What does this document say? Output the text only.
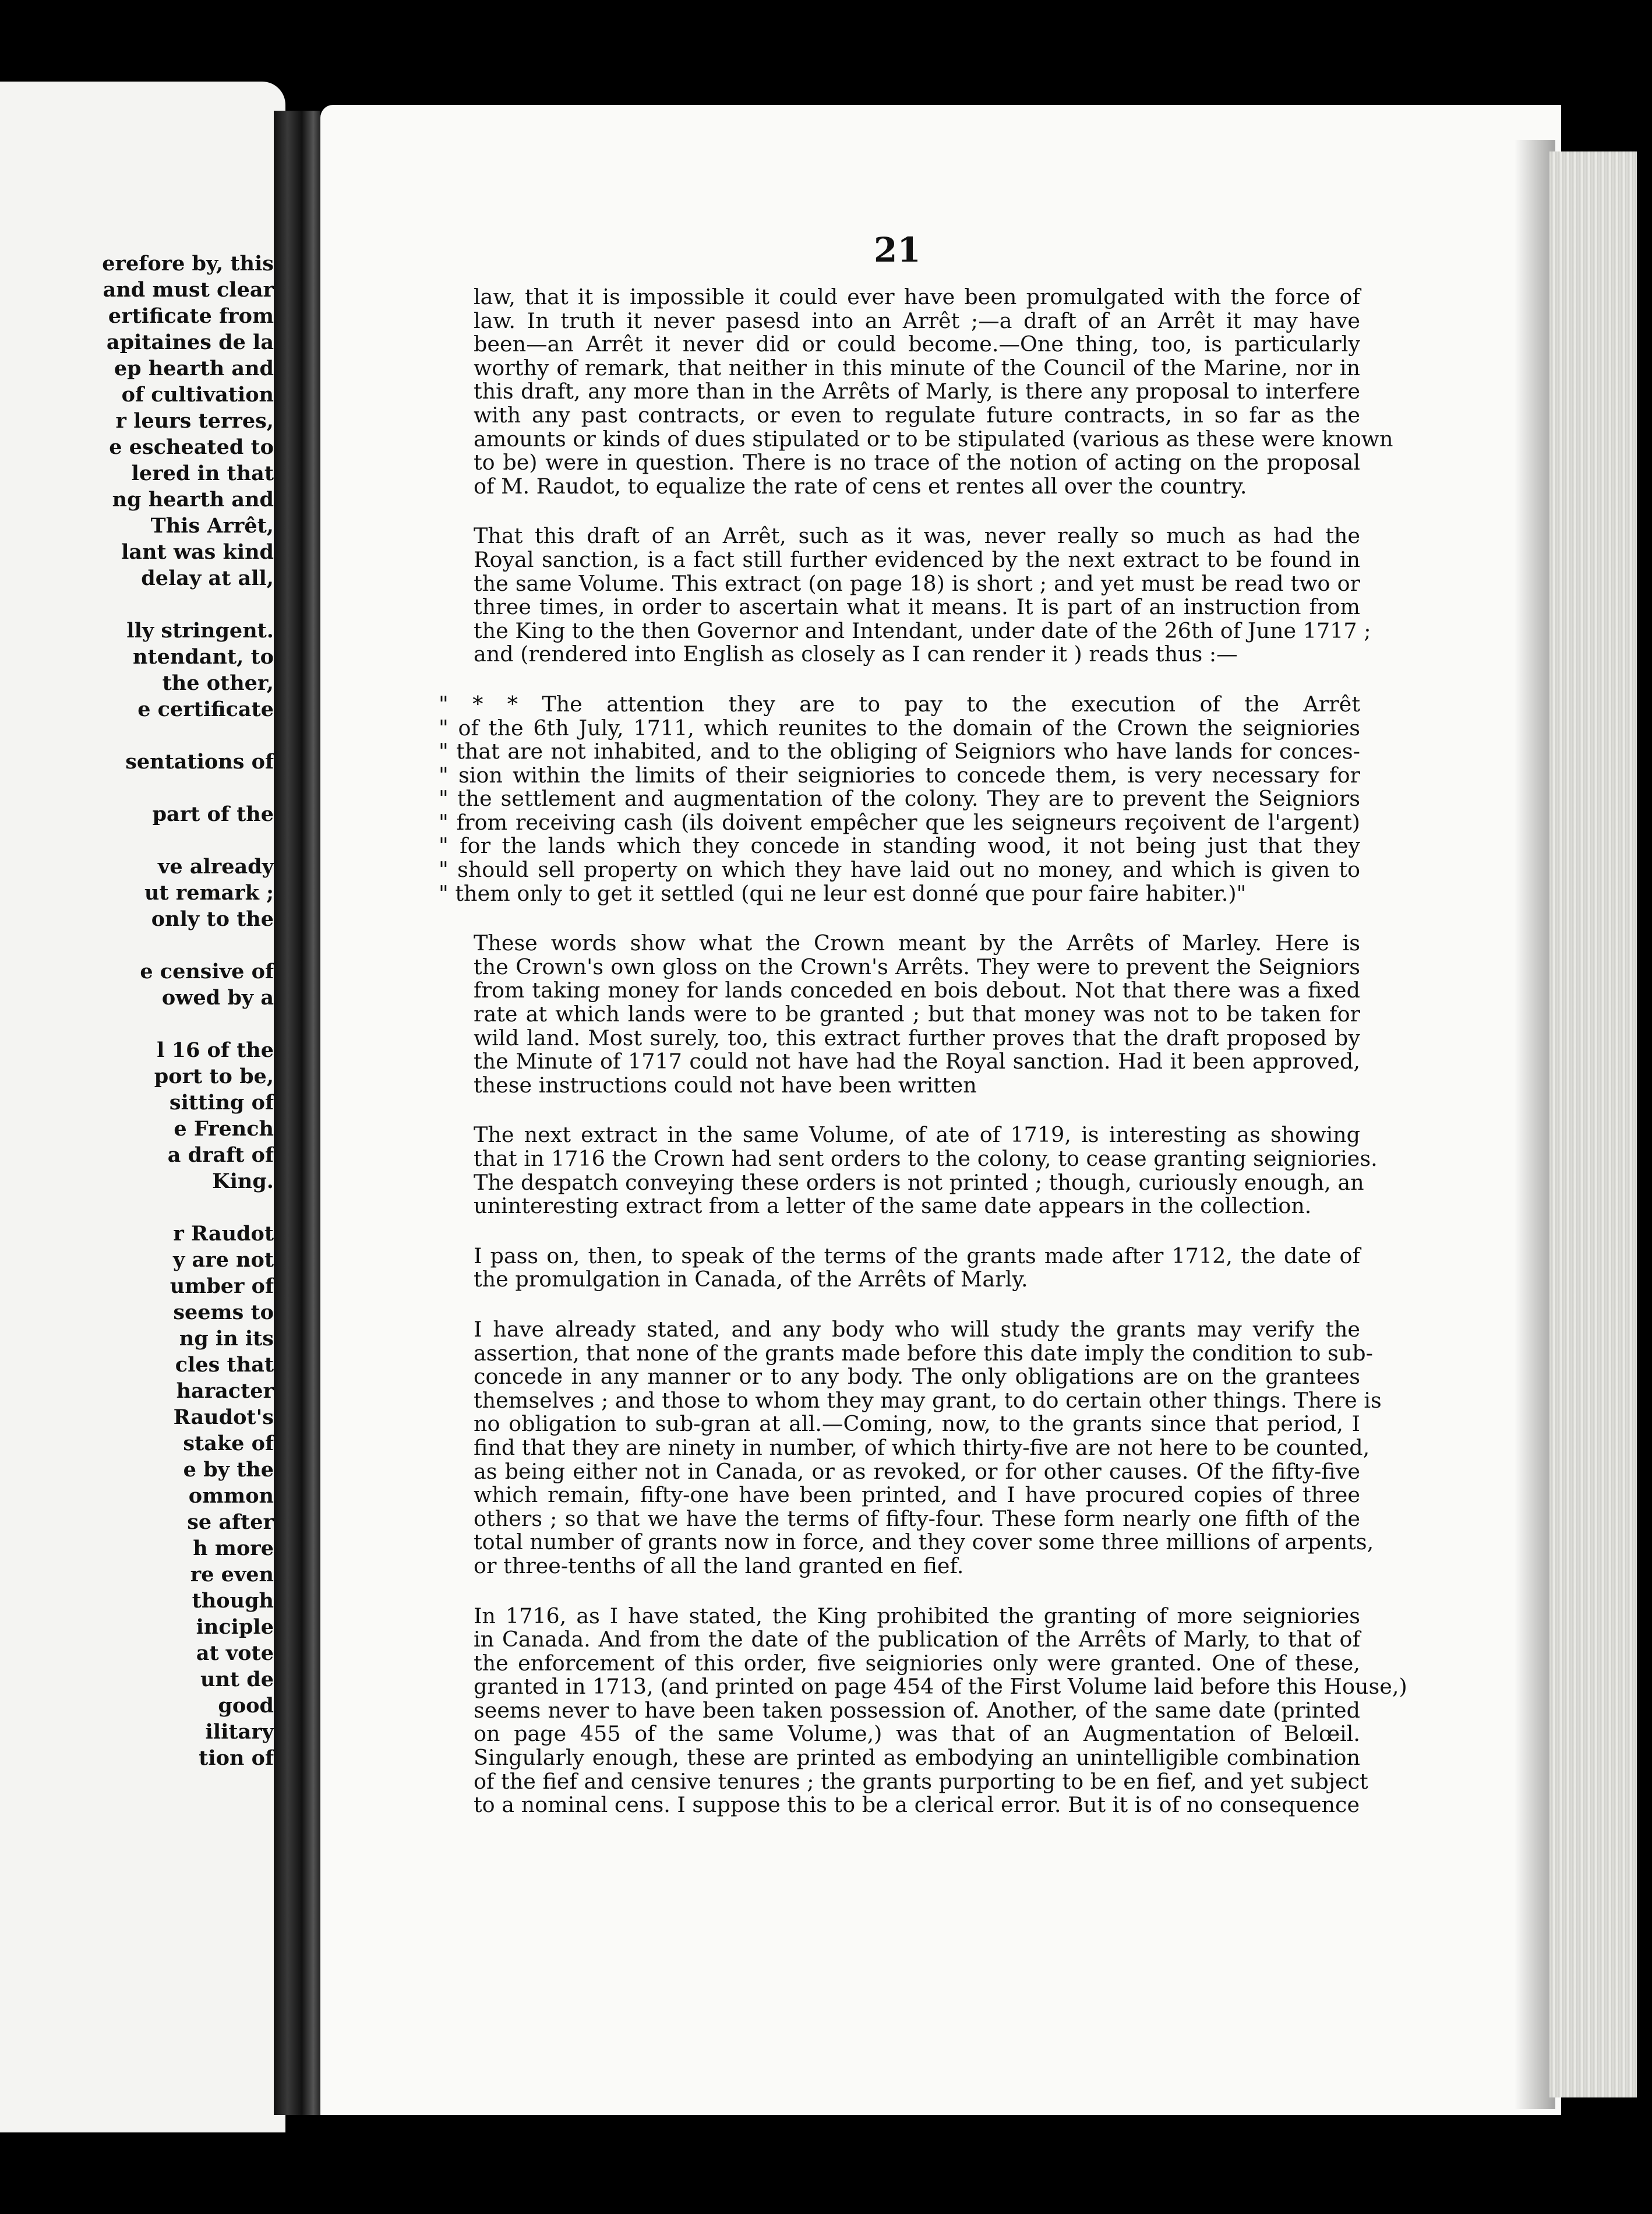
erefore by, this
and must clear
ertificate from
apitaines de la
ep hearth and
of cultivation
r leurs terres,
e escheated to
lered in that
ng hearth and
This Arrêt,
lant was kind
delay at all,

lly stringent.
ntendant, to
the other,
e certificate

sentations of

part of the

ve already
ut remark ;
only to the

e censive of
owed by a

l 16 of the
port to be,
sitting of
e French
a draft of
King.

r Raudot
y are not
umber of
seems to
ng in its
cles that
haracter
Raudot's
stake of
e by the
ommon
se after
h more
re even
though
inciple
at vote
unt de
good
ilitary
tion of
21

law, that it is impossible it could ever have been promulgated with the force of
law. In truth it never pasesd into an Arrêt ;—a draft of an Arrêt it may have
been—an Arrêt it never did or could become.—One thing, too, is particularly
worthy of remark, that neither in this minute of the Council of the Marine, nor in
this draft, any more than in the Arrêts of Marly, is there any proposal to interfere
with any past contracts, or even to regulate future contracts, in so far as the
amounts or kinds of dues stipulated or to be stipulated (various as these were known
to be) were in question. There is no trace of the notion of acting on the proposal
of M. Raudot, to equalize the rate of cens et rentes all over the country.

That this draft of an Arrêt, such as it was, never really so much as had the
Royal sanction, is a fact still further evidenced by the next extract to be found in
the same Volume. This extract (on page 18) is short ; and yet must be read two or
three times, in order to ascertain what it means. It is part of an instruction from
the King to the then Governor and Intendant, under date of the 26th of June 1717 ;
and (rendered into English as closely as I can render it ) reads thus :—

" * * The attention they are to pay to the execution of the Arrêt
" of the 6th July, 1711, which reunites to the domain of the Crown the seigniories
" that are not inhabited, and to the obliging of Seigniors who have lands for conces-
" sion within the limits of their seigniories to concede them, is very necessary for
" the settlement and augmentation of the colony. They are to prevent the Seigniors
" from receiving cash (ils doivent empêcher que les seigneurs reçoivent de l'argent)
" for the lands which they concede in standing wood, it not being just that they
" should sell property on which they have laid out no money, and which is given to
" them only to get it settled (qui ne leur est donné que pour faire habiter.)"

These words show what the Crown meant by the Arrêts of Marley. Here is
the Crown's own gloss on the Crown's Arrêts. They were to prevent the Seigniors
from taking money for lands conceded en bois debout. Not that there was a fixed
rate at which lands were to be granted ; but that money was not to be taken for
wild land. Most surely, too, this extract further proves that the draft proposed by
the Minute of 1717 could not have had the Royal sanction. Had it been approved,
these instructions could not have been written

The next extract in the same Volume, of ate of 1719, is interesting as showing
that in 1716 the Crown had sent orders to the colony, to cease granting seigniories.
The despatch conveying these orders is not printed ; though, curiously enough, an
uninteresting extract from a letter of the same date appears in the collection.

I pass on, then, to speak of the terms of the grants made after 1712, the date of
the promulgation in Canada, of the Arrêts of Marly.

I have already stated, and any body who will study the grants may verify the
assertion, that none of the grants made before this date imply the condition to sub-
concede in any manner or to any body. The only obligations are on the grantees
themselves ; and those to whom they may grant, to do certain other things. There is
no obligation to sub-gran at all.—Coming, now, to the grants since that period, I
find that they are ninety in number, of which thirty-five are not here to be counted,
as being either not in Canada, or as revoked, or for other causes. Of the fifty-five
which remain, fifty-one have been printed, and I have procured copies of three
others ; so that we have the terms of fifty-four. These form nearly one fifth of the
total number of grants now in force, and they cover some three millions of arpents,
or three-tenths of all the land granted en fief.

In 1716, as I have stated, the King prohibited the granting of more seigniories
in Canada. And from the date of the publication of the Arrêts of Marly, to that of
the enforcement of this order, five seigniories only were granted. One of these,
granted in 1713, (and printed on page 454 of the First Volume laid before this House,)
seems never to have been taken possession of. Another, of the same date (printed
on page 455 of the same Volume,) was that of an Augmentation of Belœil.
Singularly enough, these are printed as embodying an unintelligible combination
of the fief and censive tenures ; the grants purporting to be en fief, and yet subject
to a nominal cens. I suppose this to be a clerical error. But it is of no consequence
